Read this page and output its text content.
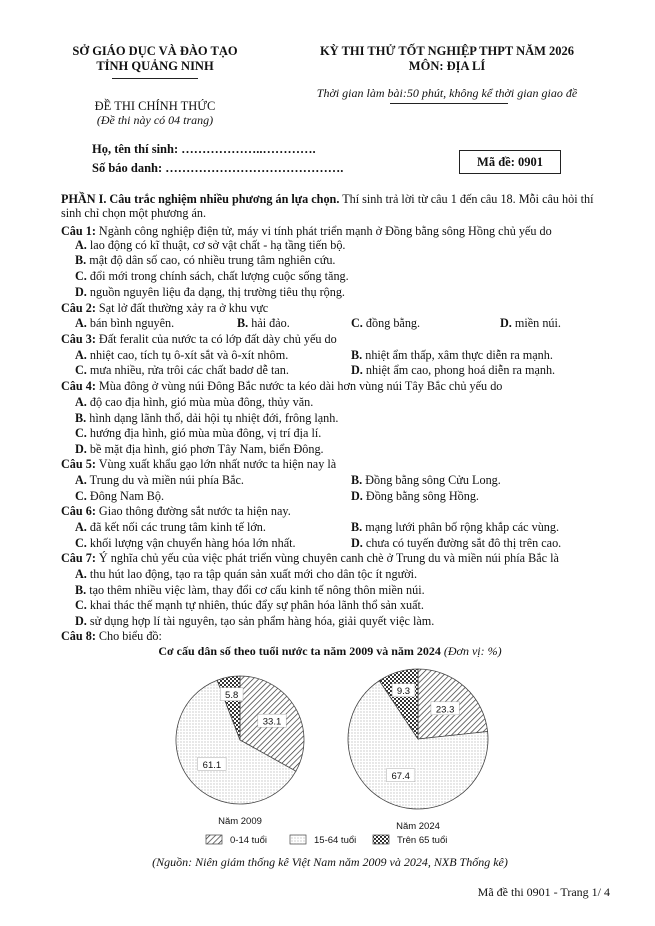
SỞ GIÁO DỤC VÀ ĐÀO TẠO
TỈNH QUẢNG NINH
KỲ THI THỬ TỐT NGHIỆP THPT NĂM 2026
MÔN: ĐỊA LÍ
Thời gian làm bài:50 phút, không kể thời gian giao đề
ĐỀ THI CHÍNH THỨC
(Đề thi này có 04 trang)
Họ, tên thí sinh: ………………..………….
Số báo danh: …………………………………….	Mã đề: 0901
PHẦN I. Câu trắc nghiệm nhiều phương án lựa chọn. Thí sinh trả lời từ câu 1 đến câu 18. Mỗi câu hỏi thí sinh chỉ chọn một phương án.
Câu 1: Ngành công nghiệp điện tử, máy vi tính phát triển mạnh ở Đồng bằng sông Hồng chủ yếu do
A. lao động có kĩ thuật, cơ sở vật chất - hạ tầng tiến bộ.
B. mật độ dân số cao, có nhiều trung tâm nghiên cứu.
C. đổi mới trong chính sách, chất lượng cuộc sống tăng.
D. nguồn nguyên liệu đa dạng, thị trường tiêu thụ rộng.
Câu 2: Sạt lở đất thường xảy ra ở khu vực
A. bán bình nguyên.	B. hải đảo.	C. đồng bằng.	D. miền núi.
Câu 3: Đất feralit của nước ta có lớp đất dày chủ yếu do
A. nhiệt cao, tích tụ ô-xít sắt và ô-xít nhôm.	B. nhiệt ẩm thấp, xâm thực diễn ra mạnh.
C. mưa nhiều, rửa trôi các chất badơ dễ tan.	D. nhiệt ẩm cao, phong hoá diễn ra mạnh.
Câu 4: Mùa đông ở vùng núi Đông Bắc nước ta kéo dài hơn vùng núi Tây Bắc chủ yếu do
A. độ cao địa hình, gió mùa mùa đông, thủy văn.
B. hình dạng lãnh thổ, dải hội tụ nhiệt đới, frông lạnh.
C. hướng địa hình, gió mùa mùa đông, vị trí địa lí.
D. bề mặt địa hình, gió phơn Tây Nam, biển Đông.
Câu 5: Vùng xuất khẩu gạo lớn nhất nước ta hiện nay là
A. Trung du và miền núi phía Bắc.	B. Đồng bằng sông Cửu Long.
C. Đông Nam Bộ.	D. Đồng bằng sông Hồng.
Câu 6: Giao thông đường sắt nước ta hiện nay.
A. đã kết nối các trung tâm kinh tế lớn.	B. mạng lưới phân bố rộng khắp các vùng.
C. khối lượng vận chuyển hàng hóa lớn nhất.	D. chưa có tuyến đường sắt đô thị trên cao.
Câu 7: Ý nghĩa chủ yếu của việc phát triển vùng chuyên canh chè ở Trung du và miền núi phía Bắc là
A. thu hút lao động, tạo ra tập quán sản xuất mới cho dân tộc ít người.
B. tạo thêm nhiều việc làm, thay đổi cơ cấu kinh tế nông thôn miền núi.
C. khai thác thế mạnh tự nhiên, thúc đẩy sự phân hóa lãnh thổ sản xuất.
D. sử dụng hợp lí tài nguyên, tạo sản phẩm hàng hóa, giải quyết việc làm.
Câu 8: Cho biểu đồ:
Cơ cấu dân số theo tuổi nước ta năm 2009 và năm 2024 (Đơn vị: %)
33.1
61.1
5.8
Năm 2009
23.3
67.4
9.3
Năm 2024
0-14 tuổi	15-64 tuổi	Trên 65 tuổi
(Nguồn: Niên giám thống kê Việt Nam năm 2009 và 2024, NXB Thống kê)
Mã đề thi 0901 - Trang 1/ 4
